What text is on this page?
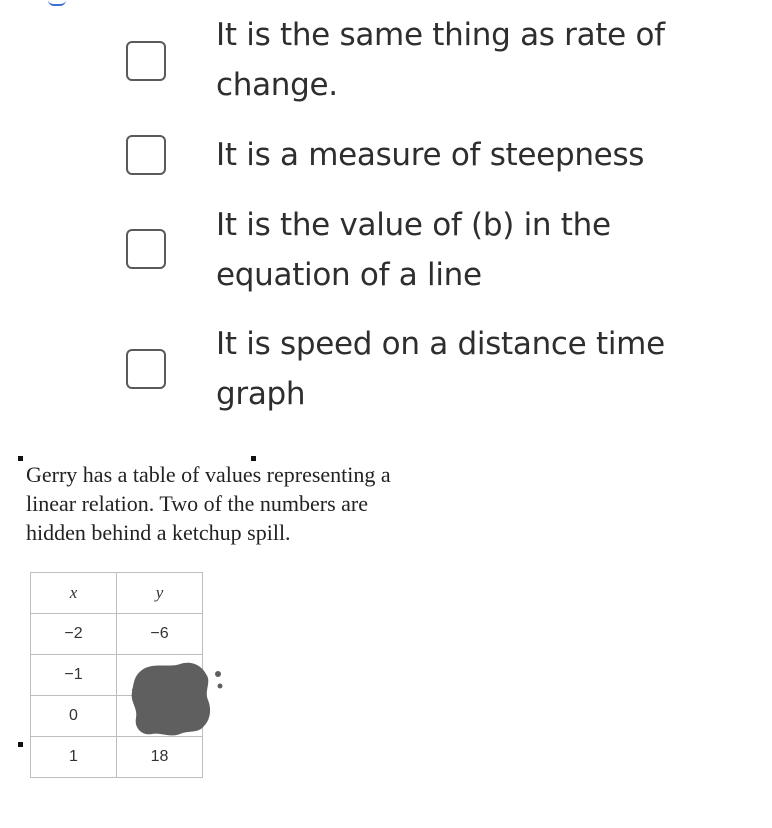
It is the same thing as rate of
change.
It is a measure of steepness
It is the value of (b) in the
equation of a line
It is speed on a distance time
graph
Gerry has a table of values representing a
linear relation. Two of the numbers are
hidden behind a ketchup spill.
x	y
−2	−6
−1	
0	
1	18
